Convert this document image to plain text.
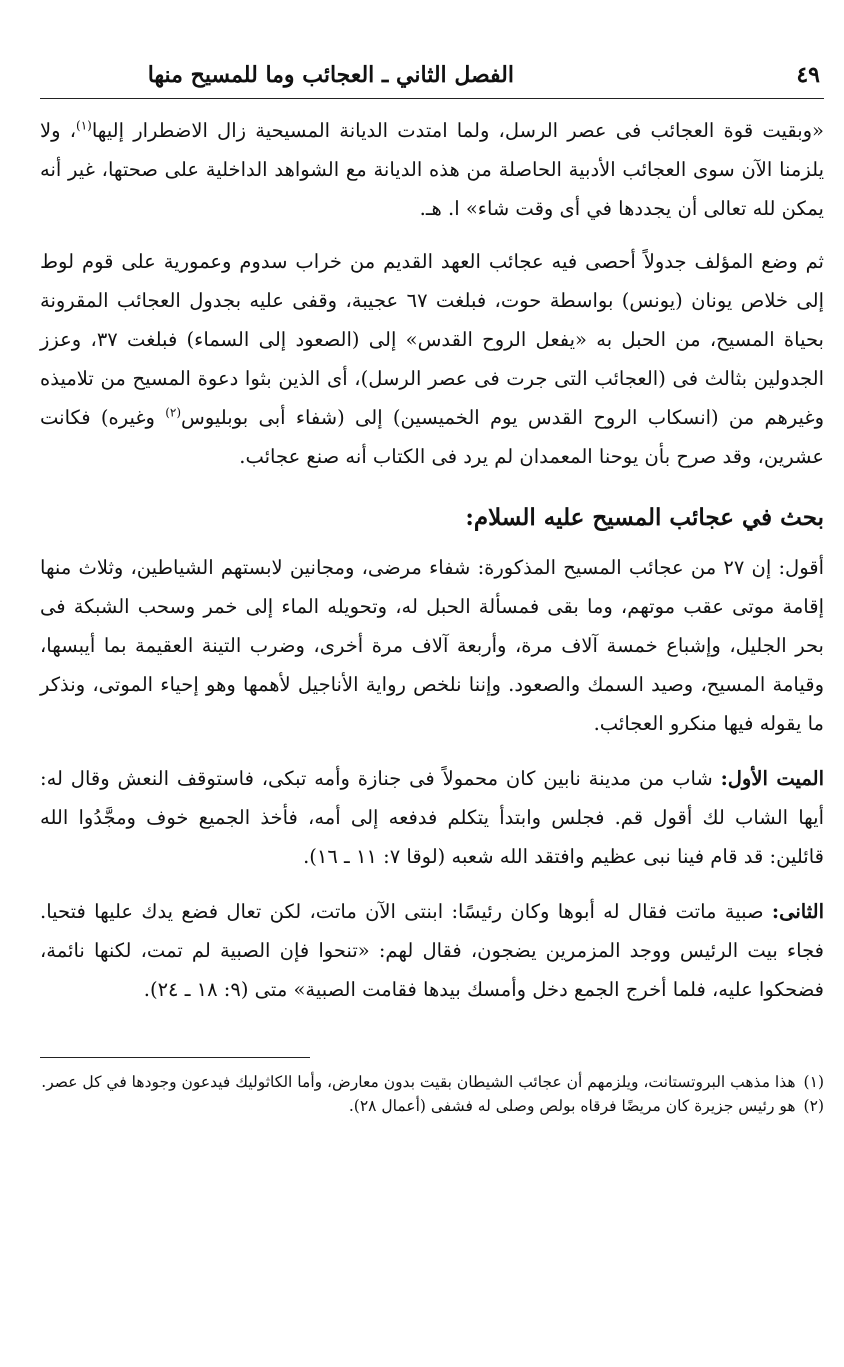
٤٩
الفصل الثاني ـ العجائب وما للمسيح منها

«وبقيت قوة العجائب فى عصر الرسل، ولما امتدت الديانة المسيحية زال الاضطرار إليها$^{(١)}$، ولا يلزمنا الآن سوى العجائب الأدبية الحاصلة من هذه الديانة مع الشواهد الداخلية على صحتها، غير أنه يمكن لله تعالى أن يجددها في أى وقت شاء» ا. هـ.

ثم وضع المؤلف جدولاً أحصى فيه عجائب العهد القديم من خراب سدوم وعمورية على قوم لوط إلى خلاص يونان (يونس) بواسطة حوت، فبلغت ٦٧ عجيبة، وقفى عليه بجدول العجائب المقرونة بحياة المسيح، من الحبل به «يفعل الروح القدس» إلى (الصعود إلى السماء) فبلغت ٣٧، وعزز الجدولين بثالث فى (العجائب التى جرت فى عصر الرسل)، أى الذين بثوا دعوة المسيح من تلاميذه وغيرهم من (انسكاب الروح القدس يوم الخميسين) إلى (شفاء أبى بوبليوس$^{(٢)}$ وغيره) فكانت عشرين، وقد صرح بأن يوحنا المعمدان لم يرد فى الكتاب أنه صنع عجائب.

بحث في عجائب المسيح عليه السلام:

أقول: إن ٢٧ من عجائب المسيح المذكورة: شفاء مرضى، ومجانين لابستهم الشياطين، وثلاث منها إقامة موتى عقب موتهم، وما بقى فمسألة الحبل له، وتحويله الماء إلى خمر وسحب الشبكة فى بحر الجليل، وإشباع خمسة آلاف مرة، وأربعة آلاف مرة أخرى، وضرب التينة العقيمة بما أيبسها، وقيامة المسيح، وصيد السمك والصعود. وإننا نلخص رواية الأناجيل لأهمها وهو إحياء الموتى، ونذكر ما يقوله فيها منكرو العجائب.

الميت الأول: شاب من مدينة نابين كان محمولاً فى جنازة وأمه تبكى، فاستوقف النعش وقال له: أيها الشاب لك أقول قم. فجلس وابتدأ يتكلم فدفعه إلى أمه، فأخذ الجميع خوف ومجَّدُوا الله قائلين: قد قام فينا نبى عظيم وافتقد الله شعبه (لوقا ٧: ١١ ـ ١٦).

الثانى: صبية ماتت فقال له أبوها وكان رئيسًا: ابنتى الآن ماتت، لكن تعال فضع يدك عليها فتحيا. فجاء بيت الرئيس ووجد المزمرين يضجون، فقال لهم: «تنحوا فإن الصبية لم تمت، لكنها نائمة، فضحكوا عليه، فلما أخرج الجمع دخل وأمسك بيدها فقامت الصبية» متى (٩: ١٨ ـ ٢٤).

(١)
هذا مذهب البروتستانت، ويلزمهم أن عجائب الشيطان بقيت بدون معارض، وأما الكاثوليك فيدعون وجودها في كل عصر.
(٢)
هو رئيس جزيرة كان مريضًا فرقاه بولص وصلى له فشفى (أعمال ٢٨).
